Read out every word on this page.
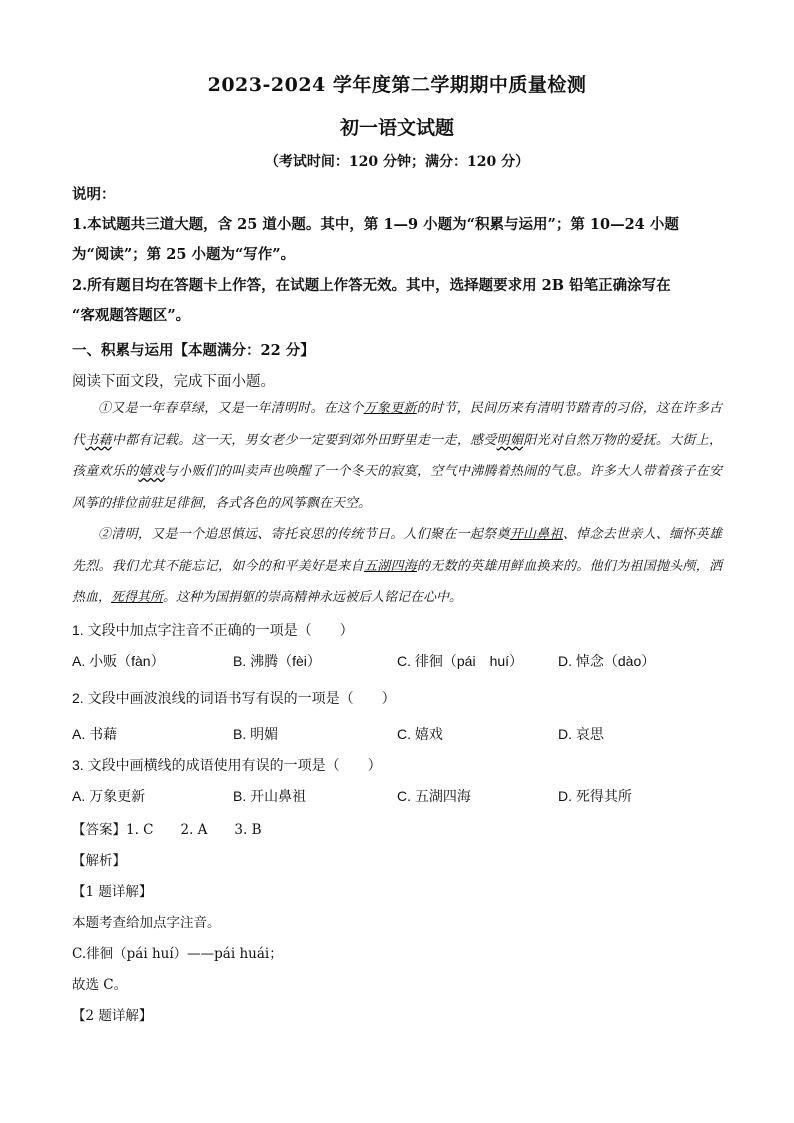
2023-2024 学年度第二学期期中质量检测
初一语文试题
（考试时间：120 分钟；满分：120 分）
说明：
1.本试题共三道大题，含 25 道小题。其中，第 1—9 小题为“积累与运用”；第 10—24 小题
为“阅读”；第 25 小题为“写作”。
2.所有题目均在答题卡上作答，在试题上作答无效。其中，选择题要求用 2B 铅笔正确涂写在
“客观题答题区”。
一、积累与运用【本题满分：22 分】
阅读下面文段，完成下面小题。

①又是一年春草绿，又是一年清明时。在这个万象更新的时节，民间历来有清明节踏青的习俗，这在许多古代书藉中都有记载。这一天，男女老少一定要到郊外田野里走一走，感受明媚阳光对自然万物的爱抚。大街上，孩童欢乐的嬉戏与小贩们的叫卖声也唤醒了一个冬天的寂寞，空气中沸腾着热闹的气息。许多大人带着孩子在安风筝的排位前驻足徘徊，各式各色的风筝飘在天空。

②清明，又是一个追思慎远、寄托哀思的传统节日。人们聚在一起祭奠开山鼻祖、悼念去世亲人、缅怀英雄先烈。我们尤其不能忘记，如今的和平美好是来自五湖四海的无数的英雄用鲜血换来的。他们为祖国抛头颅，洒热血，死得其所。这种为国捐躯的崇高精神永远被后人铭记在心中。

1. 文段中加点字注音不正确的一项是（　　）
A. 小贩（fàn）	B. 沸腾（fèi）	C. 徘徊（pái　huí） D. 悼念（dào）
2. 文段中画波浪线的词语书写有误的一项是（　　）
A. 书藉	B. 明媚	C. 嬉戏	D. 哀思
3. 文段中画横线的成语使用有误的一项是（　　）
A. 万象更新	B. 开山鼻祖	C. 五湖四海	D. 死得其所
【答案】1. C　　2. A　　3. B
【解析】
【1 题详解】
本题考查给加点字注音。
C.徘徊（pái huí）——pái huái；
故选 C。
【2 题详解】
